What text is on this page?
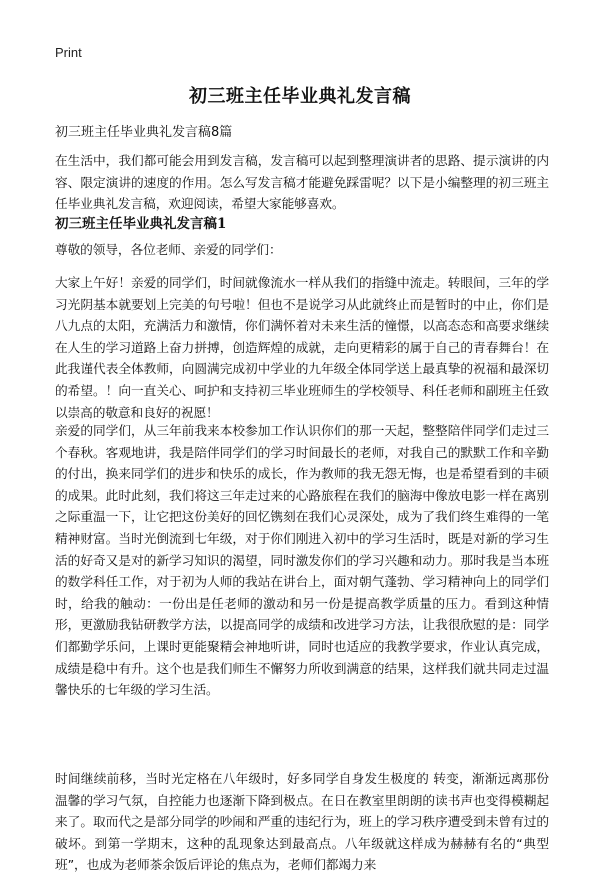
Print
初三班主任毕业典礼发言稿
初三班主任毕业典礼发言稿8篇

在生活中，我们都可能会用到发言稿，发言稿可以起到整理演讲者的思路、提示演讲的内容、限定演讲的速度的作用。怎么写发言稿才能避免踩雷呢？以下是小编整理的初三班主任毕业典礼发言稿，欢迎阅读，希望大家能够喜欢。

初三班主任毕业典礼发言稿1

尊敬的领导，各位老师、亲爱的同学们：

大家上午好！亲爱的同学们，时间就像流水一样从我们的指缝中流走。转眼间，三年的学习光阴基本就要划上完美的句号啦！但也不是说学习从此就终止而是暂时的中止，你们是八九点的太阳，充满活力和激情，你们满怀着对未来生活的憧憬，以高态态和高要求继续在人生的学习道路上奋力拼搏，创造辉煌的成就，走向更精彩的属于自己的青春舞台！在此我谨代表全体教师，向圆满完成初中学业的九年级全体同学送上最真挚的祝福和最深切的希望。！向一直关心、呵护和支持初三毕业班师生的学校领导、科任老师和副班主任致以崇高的敬意和良好的祝愿！

亲爱的同学们，从三年前我来本校参加工作认识你们的那一天起，整整陪伴同学们走过三个春秋。客观地讲，我是陪伴同学们的学习时间最长的老师，对我自己的默默工作和辛勤的付出，换来同学们的进步和快乐的成长，作为教师的我无怨无悔，也是希望看到的丰硕的成果。此时此刻，我们将这三年走过来的心路旅程在我们的脑海中像放电影一样在离别之际重温一下，让它把这份美好的回忆镌刻在我们心灵深处，成为了我们终生难得的一笔精神财富。当时光倒流到七年级，对于你们刚进入初中的学习生活时，既是对新的学习生活的好奇又是对的新学习知识的渴望，同时激发你们的学习兴趣和动力。那时我是当本班的数学科任工作，对于初为人师的我站在讲台上，面对朝气蓬勃、学习精神向上的同学们时，给我的触动：一份出是任老师的激动和另一份是提高教学质量的压力。看到这种情形，更激励我钻研教学方法，以提高同学的成绩和改进学习方法，让我很欣慰的是：同学们都勤学乐问，上课时更能聚精会神地听讲，同时也适应的我教学要求，作业认真完成，成绩是稳中有升。这个也是我们师生不懈努力所收到满意的结果，这样我们就共同走过温馨快乐的七年级的学习生活。

时间继续前移，当时光定格在八年级时，好多同学自身发生极度的 转变，渐渐远离那份温馨的学习气氛，自控能力也逐渐下降到极点。在日在教室里朗朗的读书声也变得模糊起来了。取而代之是部分同学的吵闹和严重的违纪行为，班上的学习秩序遭受到未曾有过的破坏。到第一学期末，这种的乱现象达到最高点。八年级就这样成为赫赫有名的“典型班”，也成为老师茶余饭后评论的焦点为，老师们都竭力来
